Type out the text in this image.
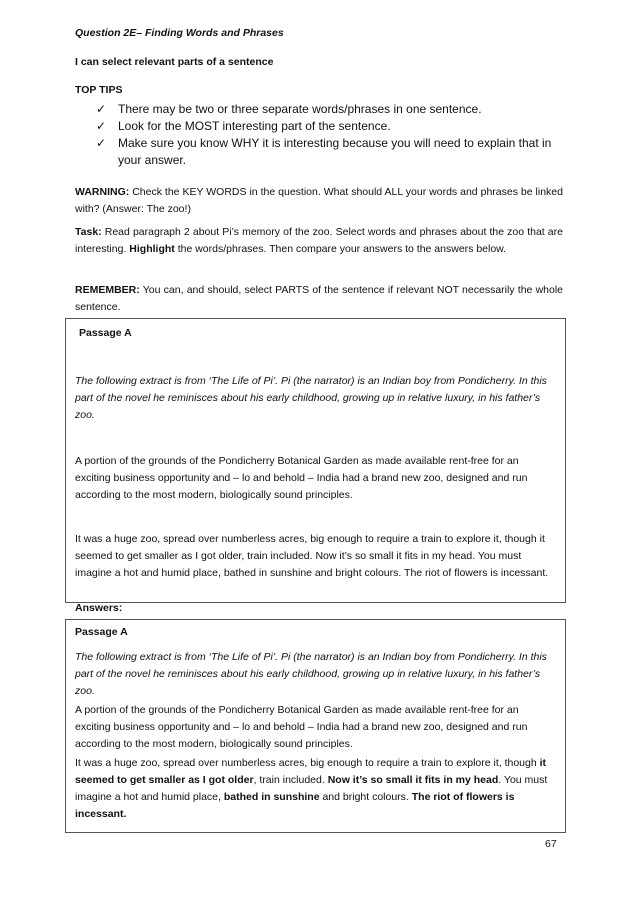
Question 2E– Finding Words and Phrases
I can select relevant parts of a sentence
TOP TIPS
✓ There may be two or three separate words/phrases in one sentence.
✓ Look for the MOST interesting part of the sentence.
✓ Make sure you know WHY it is interesting because you will need to explain that in your answer.
WARNING: Check the KEY WORDS in the question. What should ALL your words and phrases be linked with? (Answer: The zoo!)
Task: Read paragraph 2 about Pi’s memory of the zoo. Select words and phrases about the zoo that are interesting. Highlight the words/phrases. Then compare your answers to the answers below.
REMEMBER: You can, and should, select PARTS of the sentence if relevant NOT necessarily the whole sentence.
Passage A
The following extract is from ‘The Life of Pi’. Pi (the narrator) is an Indian boy from Pondicherry. In this part of the novel he reminisces about his early childhood, growing up in relative luxury, in his father’s zoo.
A portion of the grounds of the Pondicherry Botanical Garden as made available rent-free for an exciting business opportunity and – lo and behold – India had a brand new zoo, designed and run according to the most modern, biologically sound principles.
It was a huge zoo, spread over numberless acres, big enough to require a train to explore it, though it seemed to get smaller as I got older, train included. Now it’s so small it fits in my head. You must imagine a hot and humid place, bathed in sunshine and bright colours. The riot of flowers is incessant.
Answers:
Passage A
The following extract is from ‘The Life of Pi’. Pi (the narrator) is an Indian boy from Pondicherry. In this part of the novel he reminisces about his early childhood, growing up in relative luxury, in his father’s zoo.
A portion of the grounds of the Pondicherry Botanical Garden as made available rent-free for an exciting business opportunity and – lo and behold – India had a brand new zoo, designed and run according to the most modern, biologically sound principles.
It was a huge zoo, spread over numberless acres, big enough to require a train to explore it, though it seemed to get smaller as I got older, train included. Now it’s so small it fits in my head. You must imagine a hot and humid place, bathed in sunshine and bright colours. The riot of flowers is incessant.
67
